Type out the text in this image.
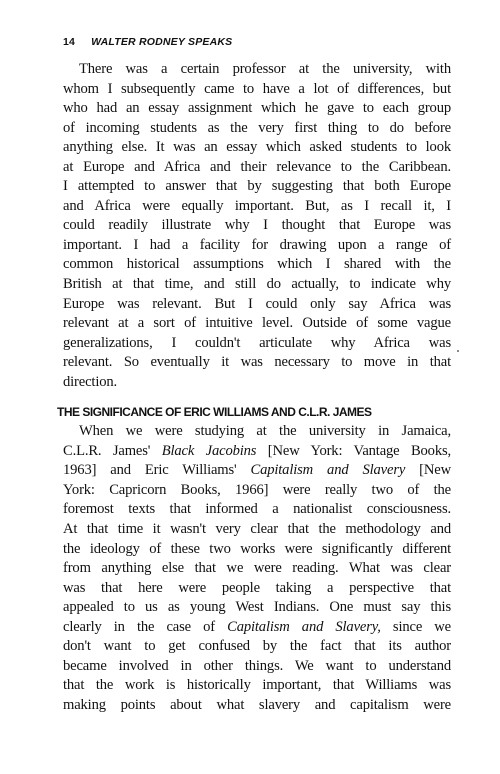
14 WALTER RODNEY SPEAKS
There was a certain professor at the university, with
whom I subsequently came to have a lot of differences, but
who had an essay assignment which he gave to each group
of incoming students as the very first thing to do before
anything else. It was an essay which asked students to look
at Europe and Africa and their relevance to the Caribbean.
I attempted to answer that by suggesting that both Europe
and Africa were equally important. But, as I recall it, I
could readily illustrate why I thought that Europe was
important. I had a facility for drawing upon a range of
common historical assumptions which I shared with the
British at that time, and still do actually, to indicate why
Europe was relevant. But I could only say Africa was
relevant at a sort of intuitive level. Outside of some vague
generalizations, I couldn't articulate why Africa was
relevant. So eventually it was necessary to move in that
direction.
THE SIGNIFICANCE OF ERIC WILLIAMS AND C.L.R. JAMES
When we were studying at the university in Jamaica,
C.L.R. James' Black Jacobins [New York: Vantage Books,
1963] and Eric Williams' Capitalism and Slavery [New
York: Capricorn Books, 1966] were really two of the
foremost texts that informed a nationalist consciousness.
At that time it wasn't very clear that the methodology and
the ideology of these two works were significantly different
from anything else that we were reading. What was clear
was that here were people taking a perspective that
appealed to us as young West Indians. One must say this
clearly in the case of Capitalism and Slavery, since we
don't want to get confused by the fact that its author
became involved in other things. We want to understand
that the work is historically important, that Williams was
making points about what slavery and capitalism were
